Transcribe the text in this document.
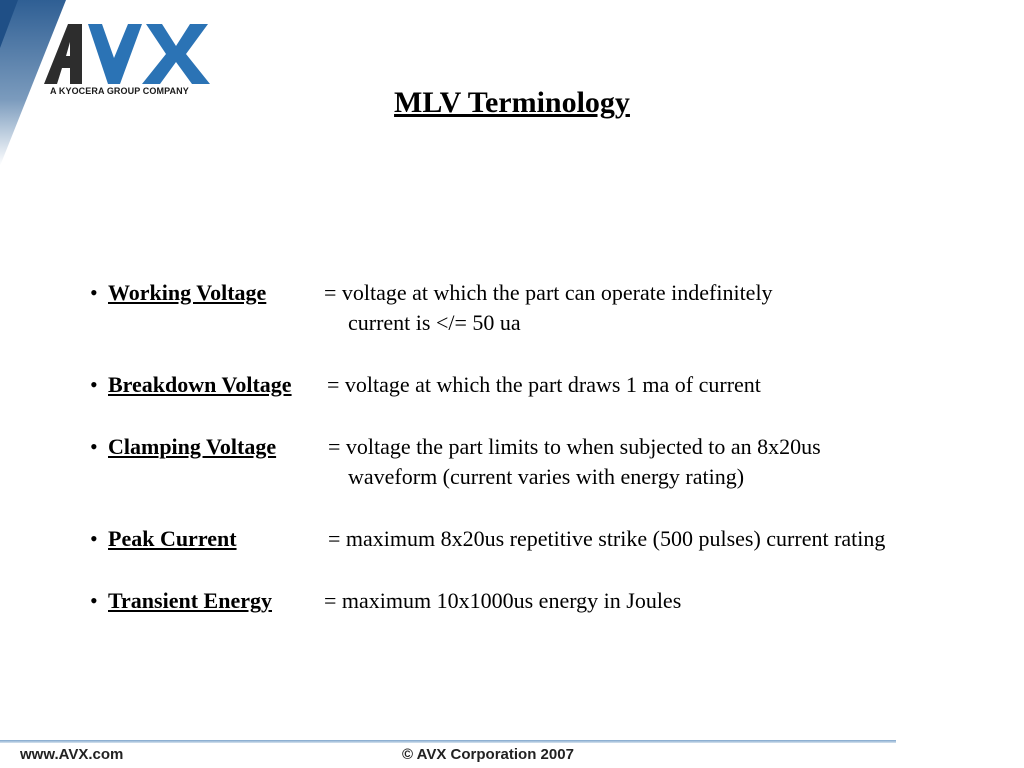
A KYOCERA GROUP COMPANY	MLV Terminology
• Working Voltage	= voltage at which the part can operate indefinitely
current is </= 50 ua
• Breakdown Voltage = voltage at which the part draws 1 ma of current
• Clamping Voltage = voltage the part limits to when subjected to an 8x20us
waveform (current varies with energy rating)
• Peak Current	= maximum 8x20us repetitive strike (500 pulses) current rating
• Transient Energy = maximum 10x1000us energy in Joules
www.AVX.com	© AVX Corporation 2007
